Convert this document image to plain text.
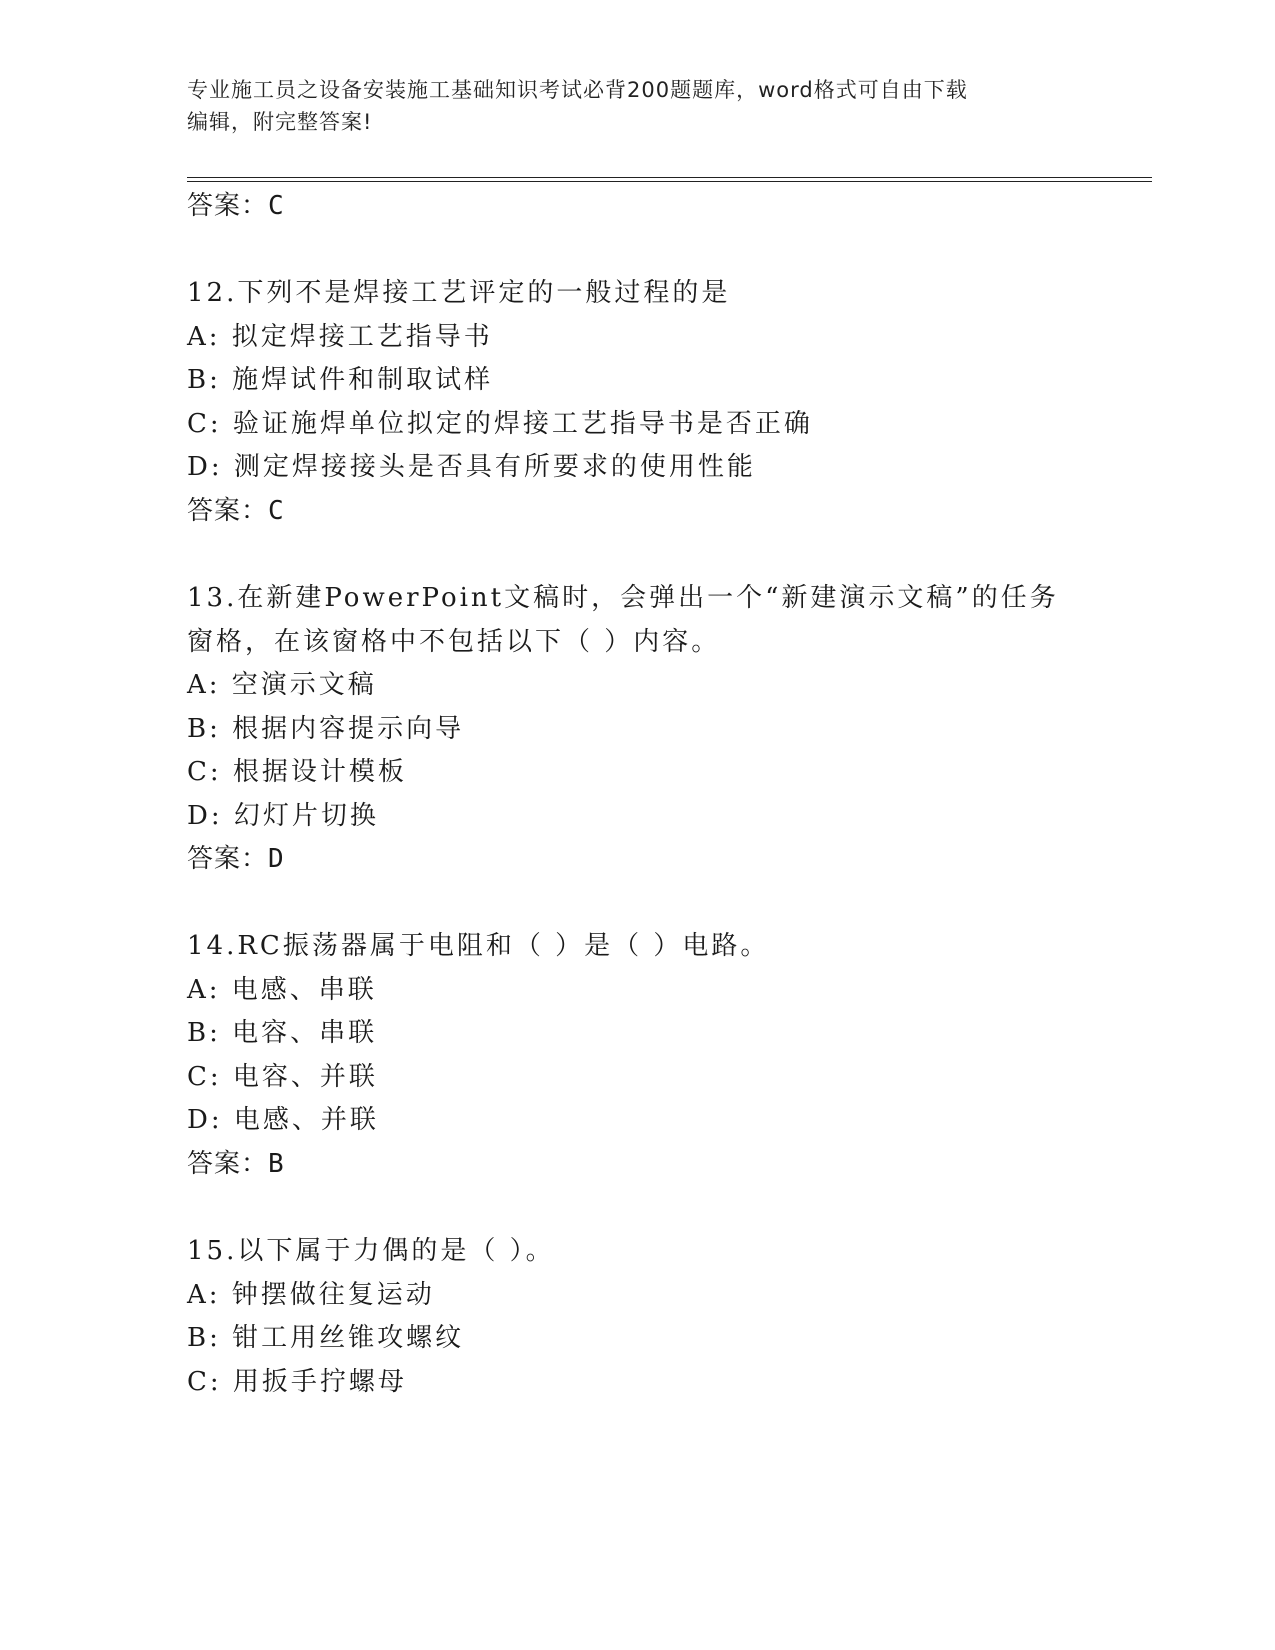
专业施工员之设备安装施工基础知识考试必背200题题库，word格式可自由下载
编辑，附完整答案!
答案：C
12.下列不是焊接工艺评定的一般过程的是
A: 拟定焊接工艺指导书
B: 施焊试件和制取试样
C: 验证施焊单位拟定的焊接工艺指导书是否正确
D: 测定焊接接头是否具有所要求的使用性能
答案：C
13.在新建PowerPoint文稿时，会弹出一个“新建演示文稿”的任务
窗格，在该窗格中不包括以下（ ）内容。
A: 空演示文稿
B: 根据内容提示向导
C: 根据设计模板
D: 幻灯片切换
答案：D
14.RC振荡器属于电阻和（ ）是（ ）电路。
A: 电感、串联
B: 电容、串联
C: 电容、并联
D: 电感、并联
答案：B
15.以下属于力偶的是（ ）。
A: 钟摆做往复运动
B: 钳工用丝锥攻螺纹
C: 用扳手拧螺母
